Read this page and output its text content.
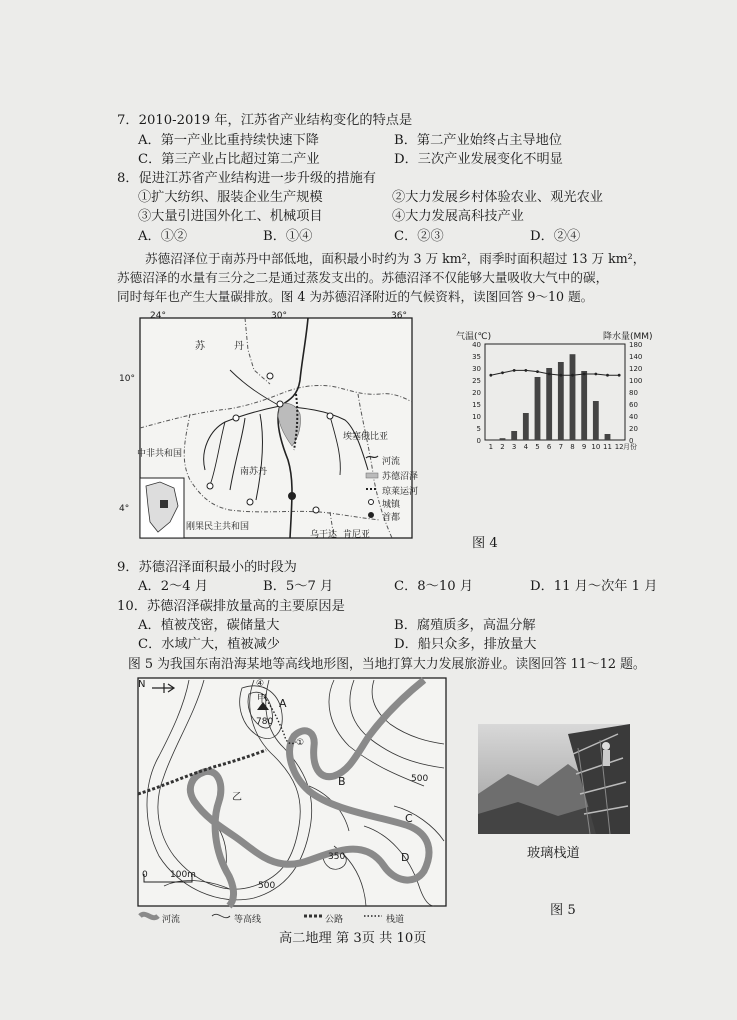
7．2010-2019 年，江苏省产业结构变化的特点是
A．第一产业比重持续快速下降	B．第二产业始终占主导地位
C．第三产业占比超过第二产业	D．三次产业发展变化不明显
8．促进江苏省产业结构进一步升级的措施有
①扩大纺织、服装企业生产规模	②大力发展乡村体验农业、观光农业
③大量引进国外化工、机械项目	④大力发展高科技产业
A．①②	B．①④	C．②③	D．②④
苏德沼泽位于南苏丹中部低地，面积最小时约为 3 万 km²，雨季时面积超过 13 万 km²，
苏德沼泽的水量有三分之二是通过蒸发支出的。苏德沼泽不仅能够大量吸收大气中的碳，
同时每年也产生大量碳排放。图 4 为苏德沼泽附近的气候资料，读图回答 9～10 题。
24°	30°	36°
10°
4°
苏	丹
中非共和国
南苏丹
埃塞俄比亚
刚果民主共和国
乌干达 肯尼亚
河流
苏德沼泽
琼莱运河
城镇
首都
40
35
30
25
20
15
10
5
0
180
140
120
100
80
60
40
20
0
1 2 3 4 5 6 7 8 9 10 11 12 月份
气温(℃)	降水量(MM)
图 4
9．苏德沼泽面积最小的时段为
A．2～4 月	B．5～7 月	C．8～10 月	D．11 月～次年 1 月
10．苏德沼泽碳排放量高的主要原因是
A．植被茂密，碳储量大	B．腐殖质多，高温分解
C．水域广大，植被减少	D．船只众多，排放量大
图 5 为我国东南沿海某地等高线地形图，当地打算大力发展旅游业。读图回答 11～12 题。
N
甲
780
A
B
C
D
乙
500
350
500
④
①
0 100m
河流	等高线	公路	栈道
玻璃栈道
图 5
高二地理 第 3页 共 10页
